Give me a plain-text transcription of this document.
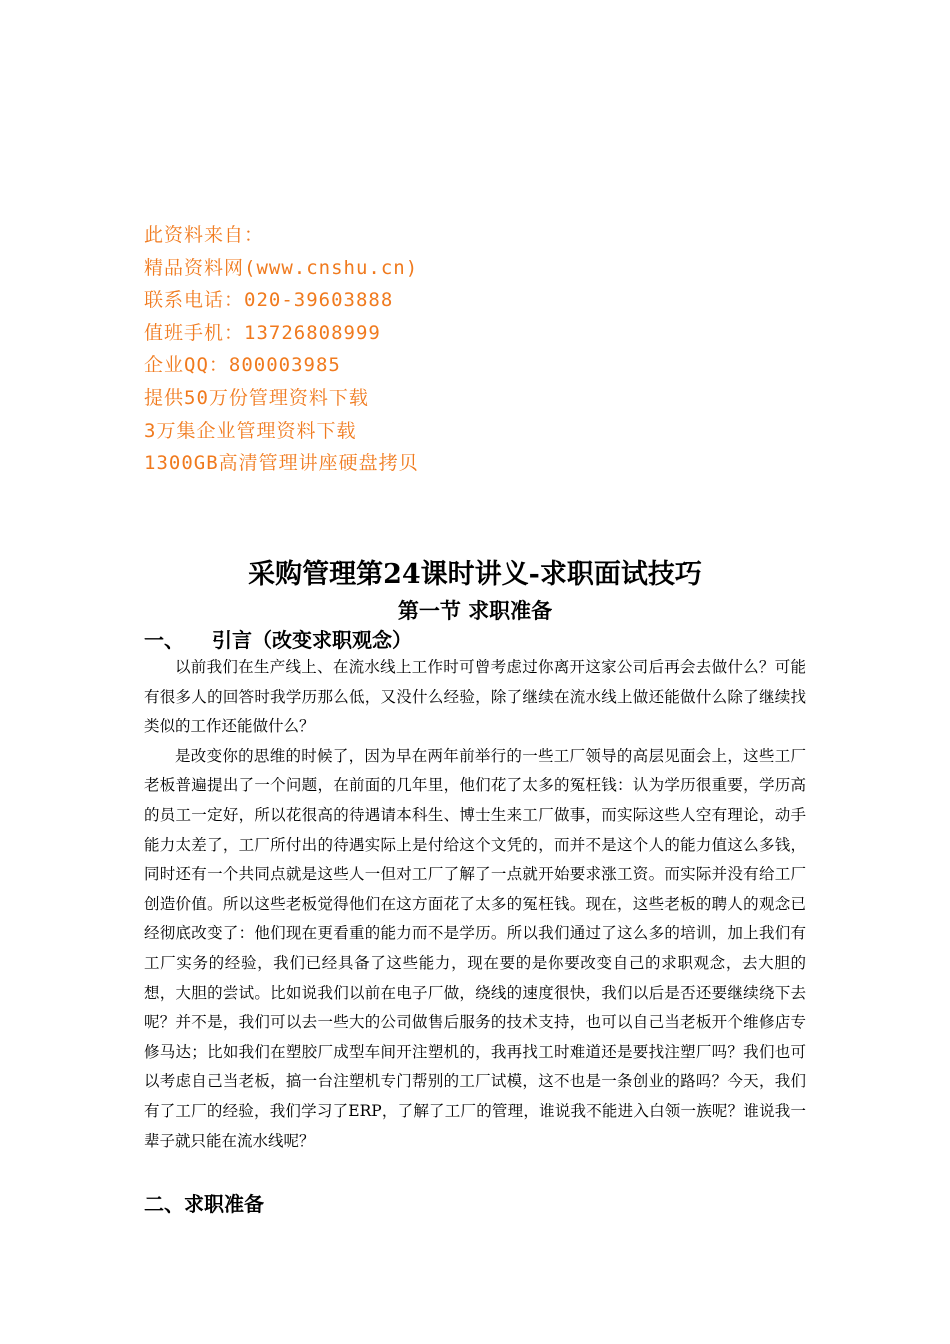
此资料来自：
精品资料网(www.cnshu.cn)
联系电话：020-39603888
值班手机：13726808999
企业QQ：800003985
提供50万份管理资料下载
3万集企业管理资料下载
1300GB高清管理讲座硬盘拷贝
采购管理第24课时讲义-求职面试技巧
第一节 求职准备
一、 引言（改变求职观念）

以前我们在生产线上、在流水线上工作时可曾考虑过你离开这家公司后再会去做什么？可能有很多人的回答时我学历那么低，又没什么经验，除了继续在流水线上做还能做什么除了继续找类似的工作还能做什么？

是改变你的思维的时候了，因为早在两年前举行的一些工厂领导的高层见面会上，这些工厂老板普遍提出了一个问题，在前面的几年里，他们花了太多的冤枉钱：认为学历很重要，学历高的员工一定好，所以花很高的待遇请本科生、博士生来工厂做事，而实际这些人空有理论，动手能力太差了，工厂所付出的待遇实际上是付给这个文凭的，而并不是这个人的能力值这么多钱，同时还有一个共同点就是这些人一但对工厂了解了一点就开始要求涨工资。而实际并没有给工厂创造价值。所以这些老板觉得他们在这方面花了太多的冤枉钱。现在，这些老板的聘人的观念已经彻底改变了：他们现在更看重的能力而不是学历。所以我们通过了这么多的培训，加上我们有工厂实务的经验，我们已经具备了这些能力，现在要的是你要改变自己的求职观念，去大胆的想，大胆的尝试。比如说我们以前在电子厂做，绕线的速度很快，我们以后是否还要继续绕下去呢？并不是，我们可以去一些大的公司做售后服务的技术支持，也可以自己当老板开个维修店专修马达；比如我们在塑胶厂成型车间开注塑机的，我再找工时难道还是要找注塑厂吗？我们也可以考虑自己当老板，搞一台注塑机专门帮别的工厂试模，这不也是一条创业的路吗？今天，我们有了工厂的经验，我们学习了ERP，了解了工厂的管理，谁说我不能进入白领一族呢？谁说我一辈子就只能在流水线呢？

二、求职准备
